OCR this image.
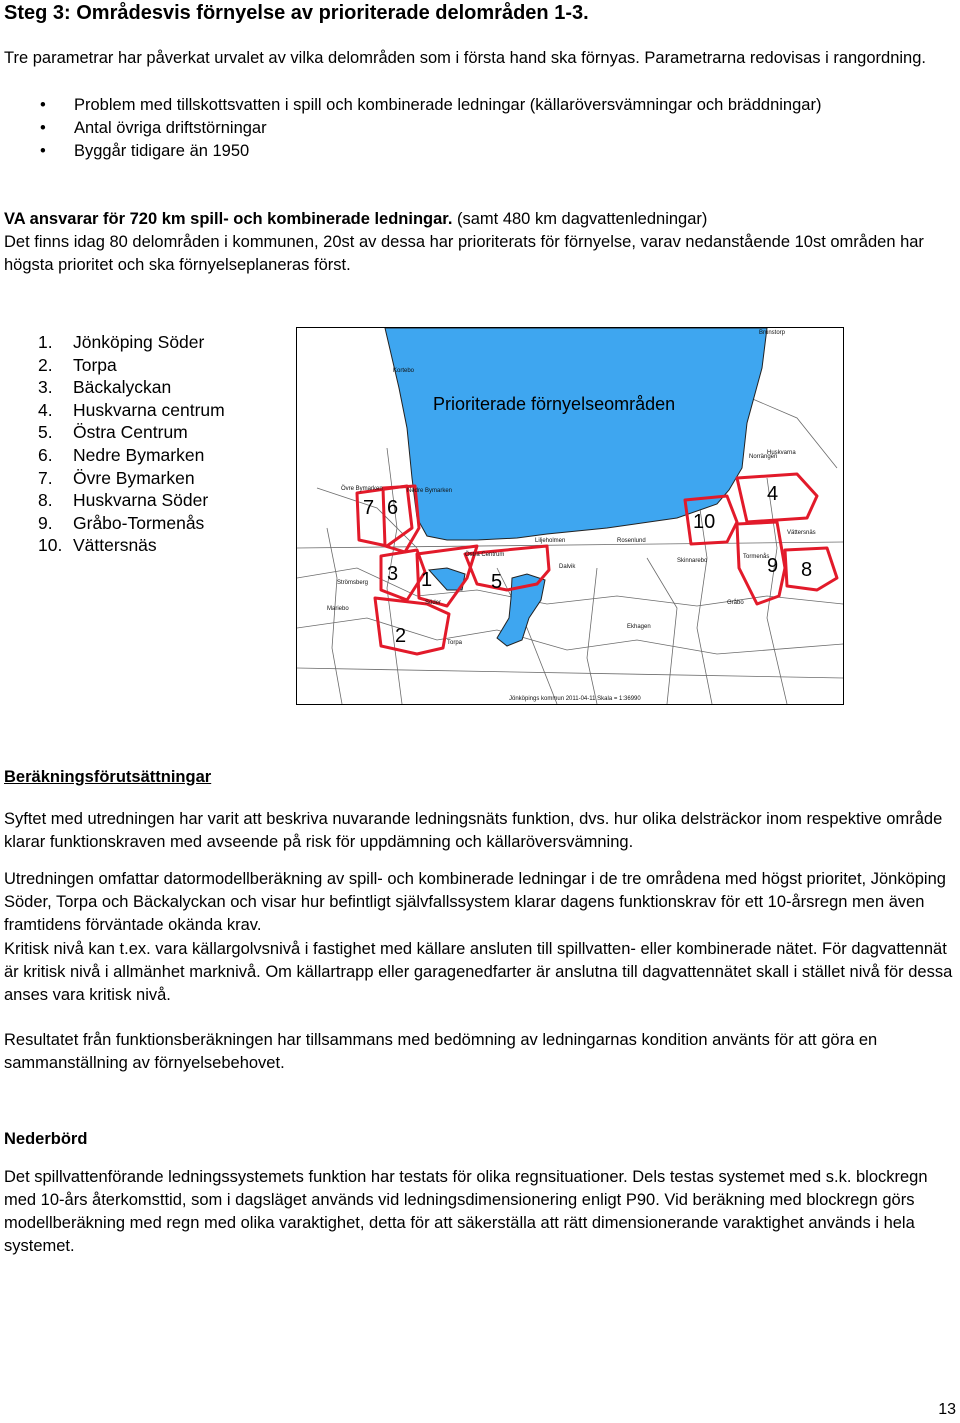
Steg 3: Områdesvis förnyelse av prioriterade delområden 1-3.
Tre parametrar har påverkat urvalet av vilka delområden som i första hand ska förnyas. Parametrarna redovisas i rangordning.
• Problem med tillskottsvatten i spill och kombinerade ledningar (källaröversvämningar och bräddningar)
• Antal övriga driftstörningar
• Byggår tidigare än 1950
VA ansvarar för 720 km spill- och kombinerade ledningar. (samt 480 km dagvattenledningar)
Det finns idag 80 delområden i kommunen, 20st av dessa har prioriterats för förnyelse, varav nedanstående 10st områden har högsta prioritet och ska förnyelseplaneras först.
1. Jönköping Söder
2. Torpa
3. Bäckalyckan
4. Huskvarna centrum
5. Östra Centrum
6. Nedre Bymarken
7. Övre Bymarken
8. Huskvarna Söder
9. Gråbo-Tormenås
10. Vättersnäs
Prioriterade förnyelseområden
7 6
3 1
2
5
10
4
9 8
Brunstorp
Kortebo
Norrängen
Övre Bymarken	Nedre Bymarken
Huskvarna
Liljeholmen
Östra Centrum
Söder
Torpa
Ekhagen
Skinnarebo
Rosenlund
Vättersnäs
Tormenås
Gråbo
Strömsberg
Mariebo
Dalvik
Jönköpings kommun 2011-04-11 Skala = 1:36990
Beräkningsförutsättningar
Syftet med utredningen har varit att beskriva nuvarande ledningsnäts funktion, dvs. hur olika delsträckor inom respektive område klarar funktionskraven med avseende på risk för uppdämning och källaröversvämning.
Utredningen omfattar datormodellberäkning av spill- och kombinerade ledningar i de tre områdena med högst prioritet, Jönköping Söder, Torpa och Bäckalyckan och visar hur befintligt självfallssystem klarar dagens funktionskrav för ett 10-årsregn men även framtidens förväntade okända krav.
Kritisk nivå kan t.ex. vara källargolvsnivå i fastighet med källare ansluten till spillvatten- eller kombinerade nätet. För dagvattennät är kritisk nivå i allmänhet marknivå. Om källartrapp eller garagenedfarter är anslutna till dagvattennätet skall i stället nivå för dessa anses vara kritisk nivå.
Resultatet från funktionsberäkningen har tillsammans med bedömning av ledningarnas kondition använts för att göra en sammanställning av förnyelsebehovet.
Nederbörd
Det spillvattenförande ledningssystemets funktion har testats för olika regnsituationer. Dels testas systemet med s.k. blockregn med 10-års återkomsttid, som i dagsläget används vid ledningsdimensionering enligt P90. Vid beräkning med blockregn görs modellberäkning med regn med olika varaktighet, detta för att säkerställa att rätt dimensionerande varaktighet används i hela systemet.
13
